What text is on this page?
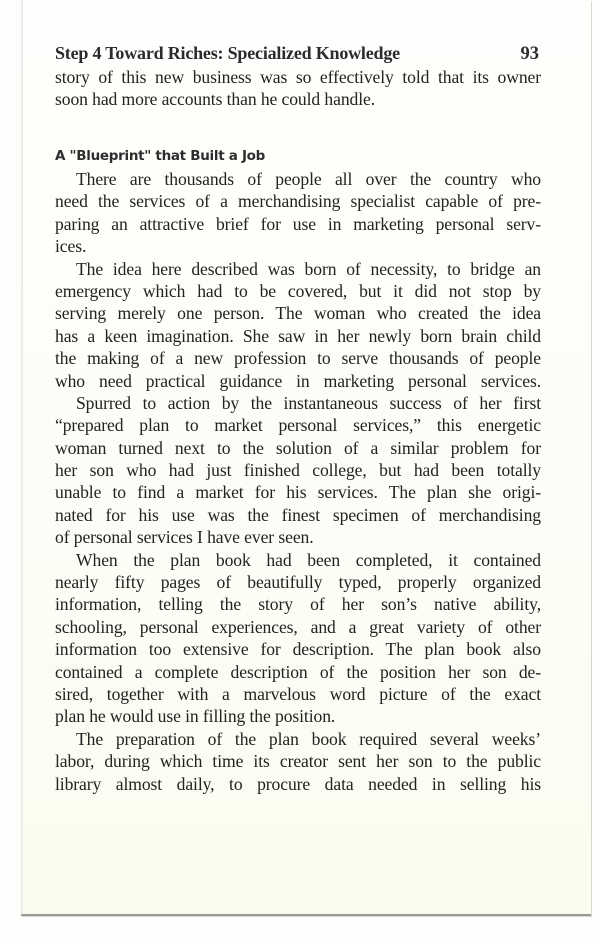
Step 4 Toward Riches: Specialized Knowledge	93
story of this new business was so effectively told that its owner
soon had more accounts than he could handle.
A "Blueprint" that Built a Job
There are thousands of people all over the country who
need the services of a merchandising specialist capable of pre-
paring an attractive brief for use in marketing personal serv-
ices.
The idea here described was born of necessity, to bridge an
emergency which had to be covered, but it did not stop by
serving merely one person. The woman who created the idea
has a keen imagination. She saw in her newly born brain child
the making of a new profession to serve thousands of people
who need practical guidance in marketing personal services.
Spurred to action by the instantaneous success of her first
“prepared plan to market personal services,” this energetic
woman turned next to the solution of a similar problem for
her son who had just finished college, but had been totally
unable to find a market for his services. The plan she origi-
nated for his use was the finest specimen of merchandising
of personal services I have ever seen.
When the plan book had been completed, it contained
nearly fifty pages of beautifully typed, properly organized
information, telling the story of her son’s native ability,
schooling, personal experiences, and a great variety of other
information too extensive for description. The plan book also
contained a complete description of the position her son de-
sired, together with a marvelous word picture of the exact
plan he would use in filling the position.
The preparation of the plan book required several weeks’
labor, during which time its creator sent her son to the public
library almost daily, to procure data needed in selling his
